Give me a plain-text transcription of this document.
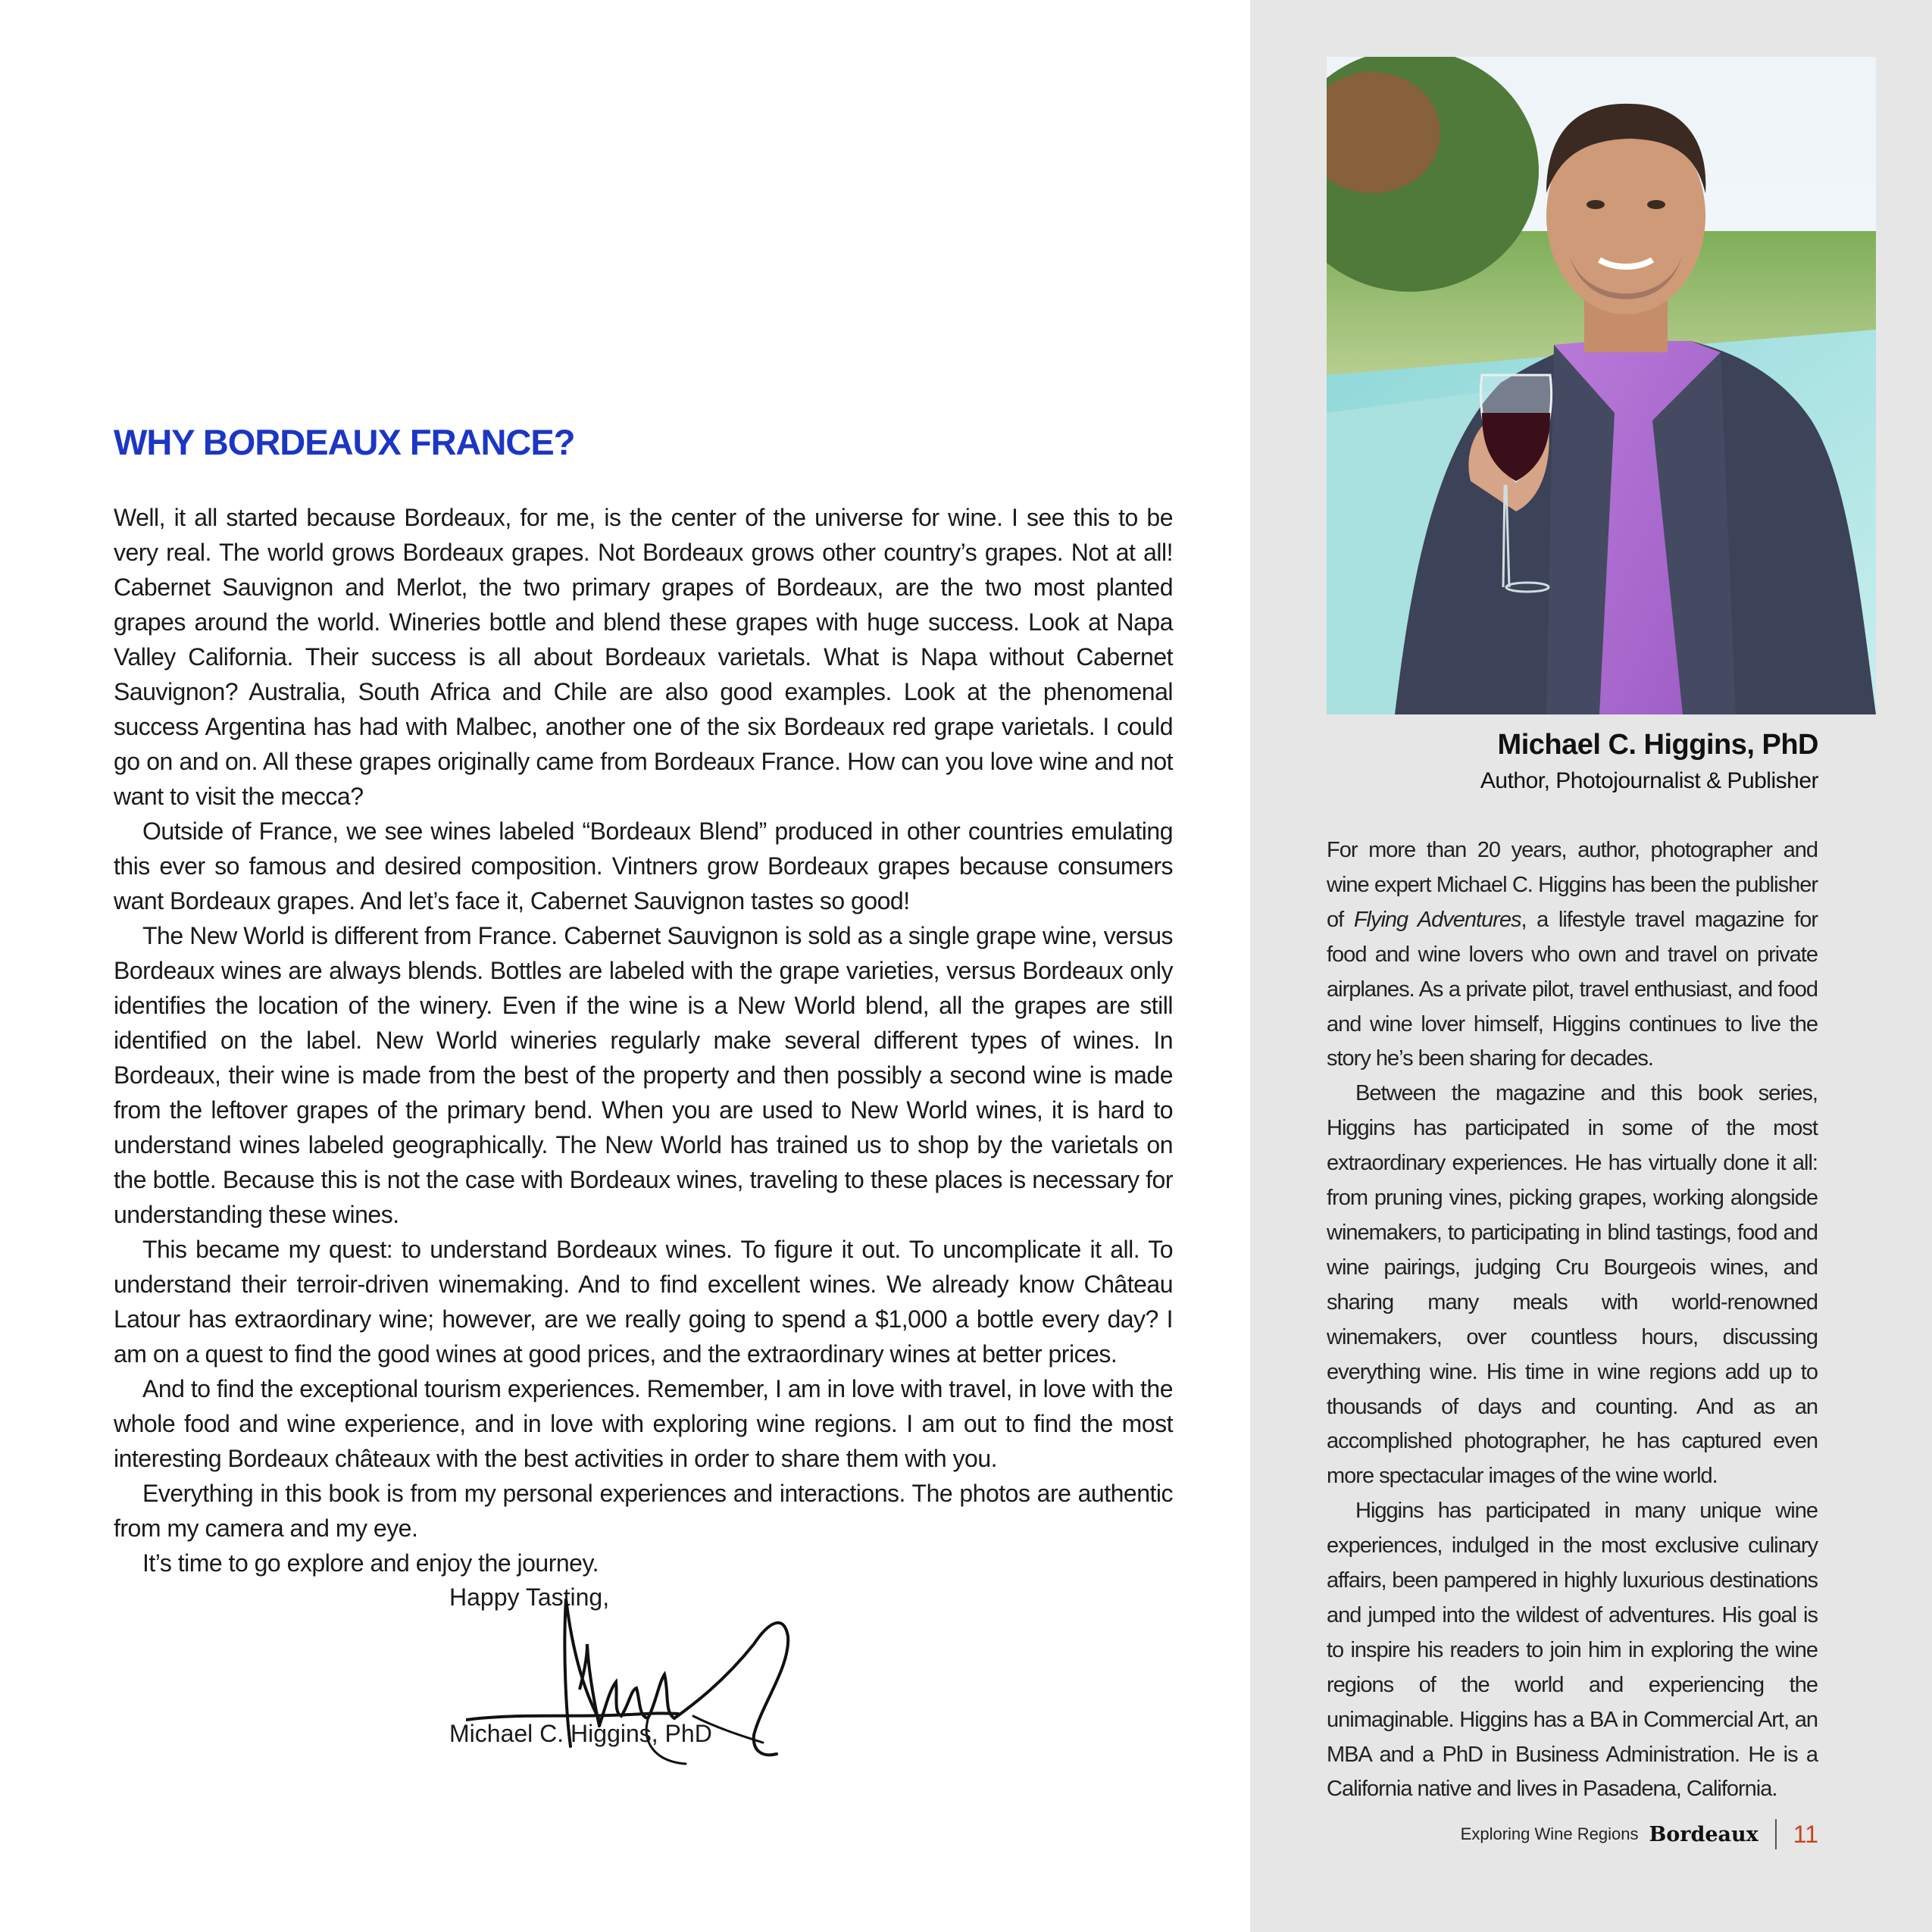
WHY BORDEAUX FRANCE?

Well, it all started because Bordeaux, for me, is the center of the universe for wine. I see this to be very real. The world grows Bordeaux grapes. Not Bordeaux grows other country’s grapes. Not at all! Cabernet Sauvignon and Merlot, the two primary grapes of Bordeaux, are the two most planted grapes around the world. Wineries bottle and blend these grapes with huge success. Look at Napa Valley California. Their success is all about Bordeaux varietals. What is Napa without Cabernet Sauvignon? Australia, South Africa and Chile are also good examples. Look at the phenomenal success Argentina has had with Malbec, another one of the six Bordeaux red grape varietals. I could go on and on. All these grapes originally came from Bordeaux France. How can you love wine and not want to visit the mecca?

Outside of France, we see wines labeled “Bordeaux Blend” produced in other countries emulating this ever so famous and desired composition. Vintners grow Bordeaux grapes because consumers want Bordeaux grapes. And let’s face it, Cabernet Sauvignon tastes so good!

The New World is different from France. Cabernet Sauvignon is sold as a single grape wine, versus Bordeaux wines are always blends. Bottles are labeled with the grape varieties, versus Bordeaux only identifies the location of the winery. Even if the wine is a New World blend, all the grapes are still identified on the label. New World wineries regularly make several different types of wines. In Bordeaux, their wine is made from the best of the property and then possibly a second wine is made from the leftover grapes of the primary bend. When you are used to New World wines, it is hard to understand wines labeled geographically. The New World has trained us to shop by the varietals on the bottle. Because this is not the case with Bordeaux wines, traveling to these places is necessary for understanding these wines.

This became my quest: to understand Bordeaux wines. To figure it out. To uncomplicate it all. To understand their terroir-driven winemaking. And to find excellent wines. We already know Château Latour has extraordinary wine; however, are we really going to spend a $1,000 a bottle every day? I am on a quest to find the good wines at good prices, and the extraordinary wines at better prices.

And to find the exceptional tourism experiences. Remember, I am in love with travel, in love with the whole food and wine experience, and in love with exploring wine regions. I am out to find the most interesting Bordeaux châteaux with the best activities in order to share them with you.

Everything in this book is from my personal experiences and interactions. The photos are authentic from my camera and my eye.

It’s time to go explore and enjoy the journey.

Happy Tasting,
Michael C. Higgins, PhD
Michael C. Higgins, PhD
Author, Photojournalist & Publisher

For more than 20 years, author, photographer and wine expert Michael C. Higgins has been the publisher of Flying Adventures, a lifestyle travel magazine for food and wine lovers who own and travel on private airplanes. As a private pilot, travel enthusiast, and food and wine lover himself, Higgins continues to live the story he’s been sharing for decades.

Between the magazine and this book series, Higgins has participated in some of the most extraordinary experiences. He has virtually done it all: from pruning vines, picking grapes, working alongside winemakers, to participating in blind tastings, food and wine pairings, judging Cru Bourgeois wines, and sharing many meals with world-renowned winemakers, over countless hours, discussing everything wine. His time in wine regions add up to thousands of days and counting. And as an accomplished photographer, he has captured even more spectacular images of the wine world.

Higgins has participated in many unique wine experiences, indulged in the most exclusive culinary affairs, been pampered in highly luxurious destinations and jumped into the wildest of adventures. His goal is to inspire his readers to join him in exploring the wine regions of the world and experiencing the unimaginable. Higgins has a BA in Commercial Art, an MBA and a PhD in Business Administration. He is a California native and lives in Pasadena, California.

Exploring Wine Regions Bordeaux 11
